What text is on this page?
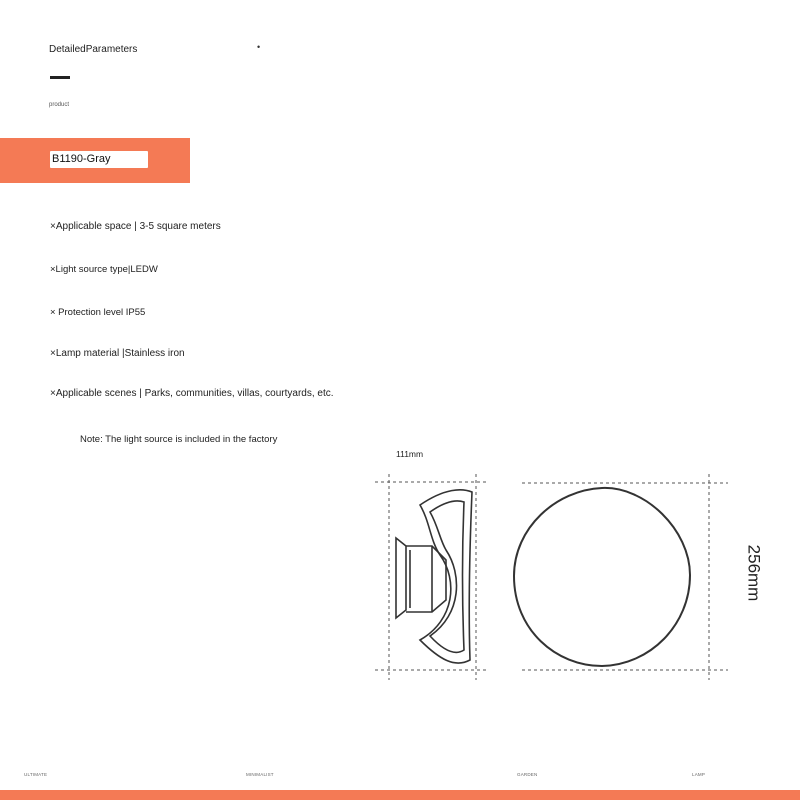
DetailedParameters	•
product
B1190-Gray
×Applicable space | 3-5 square meters
×Light source type|LEDW
× Protection level IP55
×Lamp material |Stainless iron
×Applicable scenes | Parks, communities, villas, courtyards, etc.
Note: The light source is included in the factory
111mm
256mm
ULTIMATE	MINIMALIST	GARDEN	LAMP
